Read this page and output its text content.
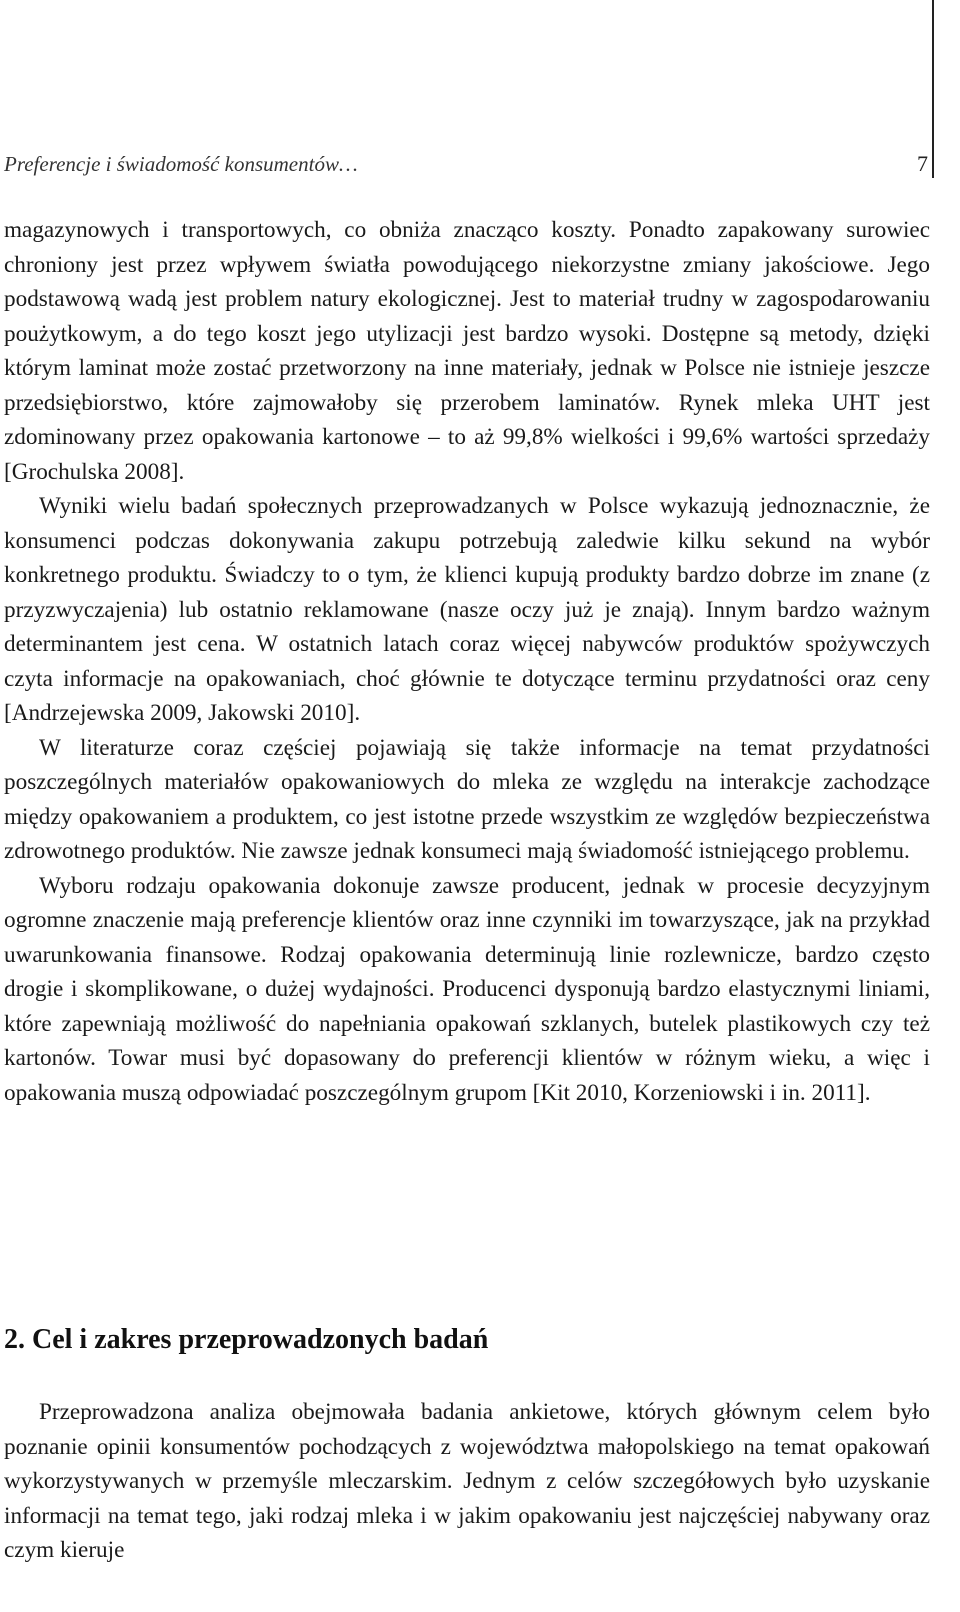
Preferencje i świadomość konsumentów…	7

magazynowych i transportowych, co obniża znacząco koszty. Ponadto zapakowany surowiec chroniony jest przez wpływem światła powodującego niekorzystne zmiany jakościowe. Jego podstawową wadą jest problem natury ekologicznej. Jest to materiał trudny w zagospodarowaniu poużytkowym, a do tego koszt jego utylizacji jest bardzo wysoki. Dostępne są metody, dzięki którym laminat może zostać przetworzony na inne materiały, jednak w Polsce nie istnieje jeszcze przedsiębiorstwo, które zajmowałoby się przerobem laminatów. Rynek mleka UHT jest zdominowany przez opakowania kartonowe – to aż 99,8% wielkości i 99,6% wartości sprzedaży [Grochulska 2008].

Wyniki wielu badań społecznych przeprowadzanych w Polsce wykazują jednoznacznie, że konsumenci podczas dokonywania zakupu potrzebują zaledwie kilku sekund na wybór konkretnego produktu. Świadczy to o tym, że klienci kupują produkty bardzo dobrze im znane (z przyzwyczajenia) lub ostatnio reklamowane (nasze oczy już je znają). Innym bardzo ważnym determinantem jest cena. W ostatnich latach coraz więcej nabywców produktów spożywczych czyta informacje na opakowaniach, choć głównie te dotyczące terminu przydatności oraz ceny [Andrzejewska 2009, Jakowski 2010].

W literaturze coraz częściej pojawiają się także informacje na temat przydatności poszczególnych materiałów opakowaniowych do mleka ze względu na interakcje zachodzące między opakowaniem a produktem, co jest istotne przede wszystkim ze względów bezpieczeństwa zdrowotnego produktów. Nie zawsze jednak konsumeci mają świadomość istniejącego problemu.

Wyboru rodzaju opakowania dokonuje zawsze producent, jednak w procesie decyzyjnym ogromne znaczenie mają preferencje klientów oraz inne czynniki im towarzyszące, jak na przykład uwarunkowania finansowe. Rodzaj opakowania determinują linie rozlewnicze, bardzo często drogie i skomplikowane, o dużej wydajności. Producenci dysponują bardzo elastycznymi liniami, które zapewniają możliwość do napełniania opakowań szklanych, butelek plastikowych czy też kartonów. Towar musi być dopasowany do preferencji klientów w różnym wieku, a więc i opakowania muszą odpowiadać poszczególnym grupom [Kit 2010, Korzeniowski i in. 2011].

2. Cel i zakres przeprowadzonych badań

Przeprowadzona analiza obejmowała badania ankietowe, których głównym celem było poznanie opinii konsumentów pochodzących z województwa małopolskiego na temat opakowań wykorzystywanych w przemyśle mleczarskim. Jednym z celów szczegółowych było uzyskanie informacji na temat tego, jaki rodzaj mleka i w jakim opakowaniu jest najczęściej nabywany oraz czym kieruje
